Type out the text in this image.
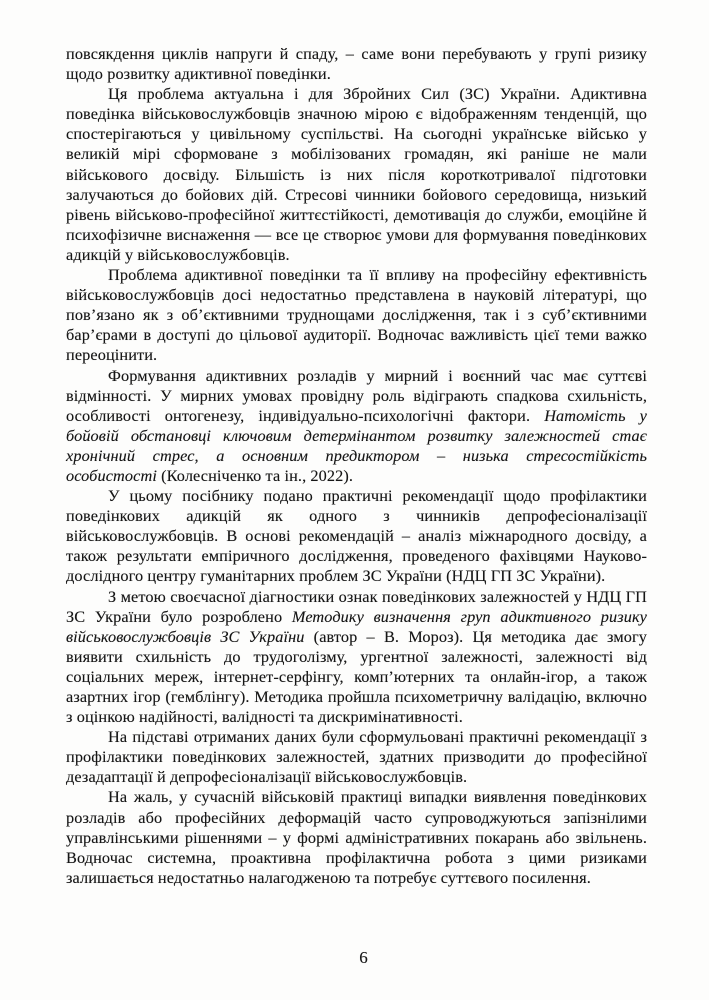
повсякдення циклів напруги й спаду, – саме вони перебувають у групі ризику щодо розвитку адиктивної поведінки.

Ця проблема актуальна і для Збройних Сил (ЗС) України. Адиктивна поведінка військовослужбовців значною мірою є відображенням тенденцій, що спостерігаються у цивільному суспільстві. На сьогодні українське військо у великій мірі сформоване з мобілізованих громадян, які раніше не мали військового досвіду. Більшість із них після короткотривалої підготовки залучаються до бойових дій. Стресові чинники бойового середовища, низький рівень військово-професійної життєстійкості, демотивація до служби, емоційне й психофізичне виснаження — все це створює умови для формування поведінкових адикцій у військовослужбовців.

Проблема адиктивної поведінки та її впливу на професійну ефективність військовослужбовців досі недостатньо представлена в науковій літературі, що пов’язано як з об’єктивними труднощами дослідження, так і з суб’єктивними бар’єрами в доступі до цільової аудиторії. Водночас важливість цієї теми важко переоцінити.

Формування адиктивних розладів у мирний і воєнний час має суттєві відмінності. У мирних умовах провідну роль відіграють спадкова схильність, особливості онтогенезу, індивідуально-психологічні фактори. Натомість у бойовій обстановці ключовим детермінантом розвитку залежностей стає хронічний стрес, а основним предиктором – низька стресостійкість особистості (Колесніченко та ін., 2022).

У цьому посібнику подано практичні рекомендації щодо профілактики поведінкових адикцій як одного з чинників депрофесіоналізації військовослужбовців. В основі рекомендацій – аналіз міжнародного досвіду, а також результати емпіричного дослідження, проведеного фахівцями Науково-дослідного центру гуманітарних проблем ЗС України (НДЦ ГП ЗС України).

З метою своєчасної діагностики ознак поведінкових залежностей у НДЦ ГП ЗС України було розроблено Методику визначення груп адиктивного ризику військовослужбовців ЗС України (автор – В. Мороз). Ця методика дає змогу виявити схильність до трудоголізму, ургентної залежності, залежності від соціальних мереж, інтернет-серфінгу, комп’ютерних та онлайн-ігор, а також азартних ігор (гемблінгу). Методика пройшла психометричну валідацію, включно з оцінкою надійності, валідності та дискримінативності.

На підставі отриманих даних були сформульовані практичні рекомендації з профілактики поведінкових залежностей, здатних призводити до професійної дезадаптації й депрофесіоналізації військовослужбовців.

На жаль, у сучасній військовій практиці випадки виявлення поведінкових розладів або професійних деформацій часто супроводжуються запізнілими управлінськими рішеннями – у формі адміністративних покарань або звільнень. Водночас системна, проактивна профілактична робота з цими ризиками залишається недостатньо налагодженою та потребує суттєвого посилення.

6
